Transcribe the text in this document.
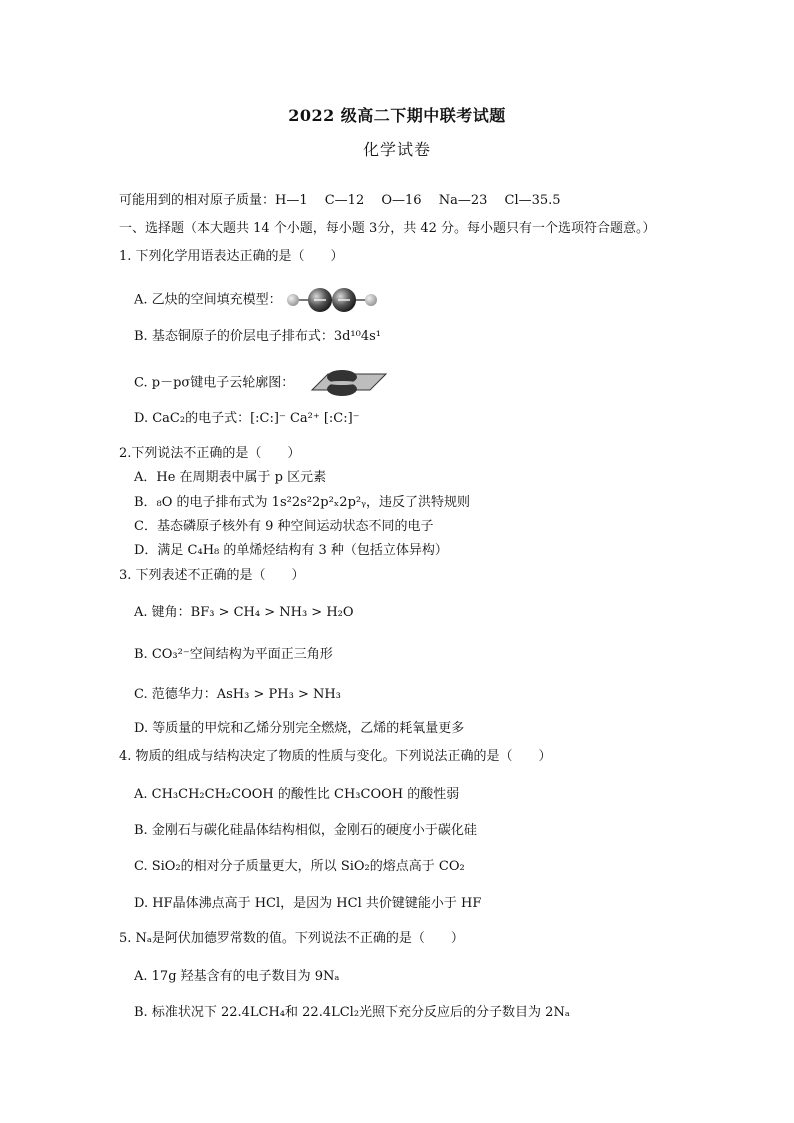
2022 级高二下期中联考试题
化学试卷
可能用到的相对原子质量：H—1　 C—12　 O—16　 Na—23　 Cl—35.5
一、选择题（本大题共 14 个小题，每小题 3分，共 42 分。每小题只有一个选项符合题意。）
1. 下列化学用语表达正确的是（　　）
A. 乙炔的空间填充模型：
B. 基态铜原子的价层电子排布式：3d¹⁰4s¹
C. p－pσ键电子云轮廓图：
D. CaC₂的电子式：[:C:]⁻ Ca²⁺ [:C:]⁻
2.下列说法不正确的是（　　）
A．He 在周期表中属于 p 区元素
B．₈O 的电子排布式为 1s²2s²2p²ₓ2p²ᵧ，违反了洪特规则
C．基态磷原子核外有 9 种空间运动状态不同的电子
D．满足 C₄H₈ 的单烯烃结构有 3 种（包括立体异构）
3. 下列表述不正确的是（　　）
A. 键角：BF₃ > CH₄ > NH₃ > H₂O
B. CO₃²⁻空间结构为平面正三角形
C. 范德华力：AsH₃ > PH₃ > NH₃
D. 等质量的甲烷和乙烯分别完全燃烧，乙烯的耗氧量更多
4. 物质的组成与结构决定了物质的性质与变化。下列说法正确的是（　　）
A. CH₃CH₂CH₂COOH 的酸性比 CH₃COOH 的酸性弱
B. 金刚石与碳化硅晶体结构相似，金刚石的硬度小于碳化硅
C. SiO₂的相对分子质量更大，所以 SiO₂的熔点高于 CO₂
D. HF晶体沸点高于 HCl，是因为 HCl 共价键键能小于 HF
5. Nₐ是阿伏加德罗常数的值。下列说法不正确的是（　　）
A. 17g 羟基含有的电子数目为 9Nₐ
B. 标准状况下 22.4LCH₄和 22.4LCl₂光照下充分反应后的分子数目为 2Nₐ
